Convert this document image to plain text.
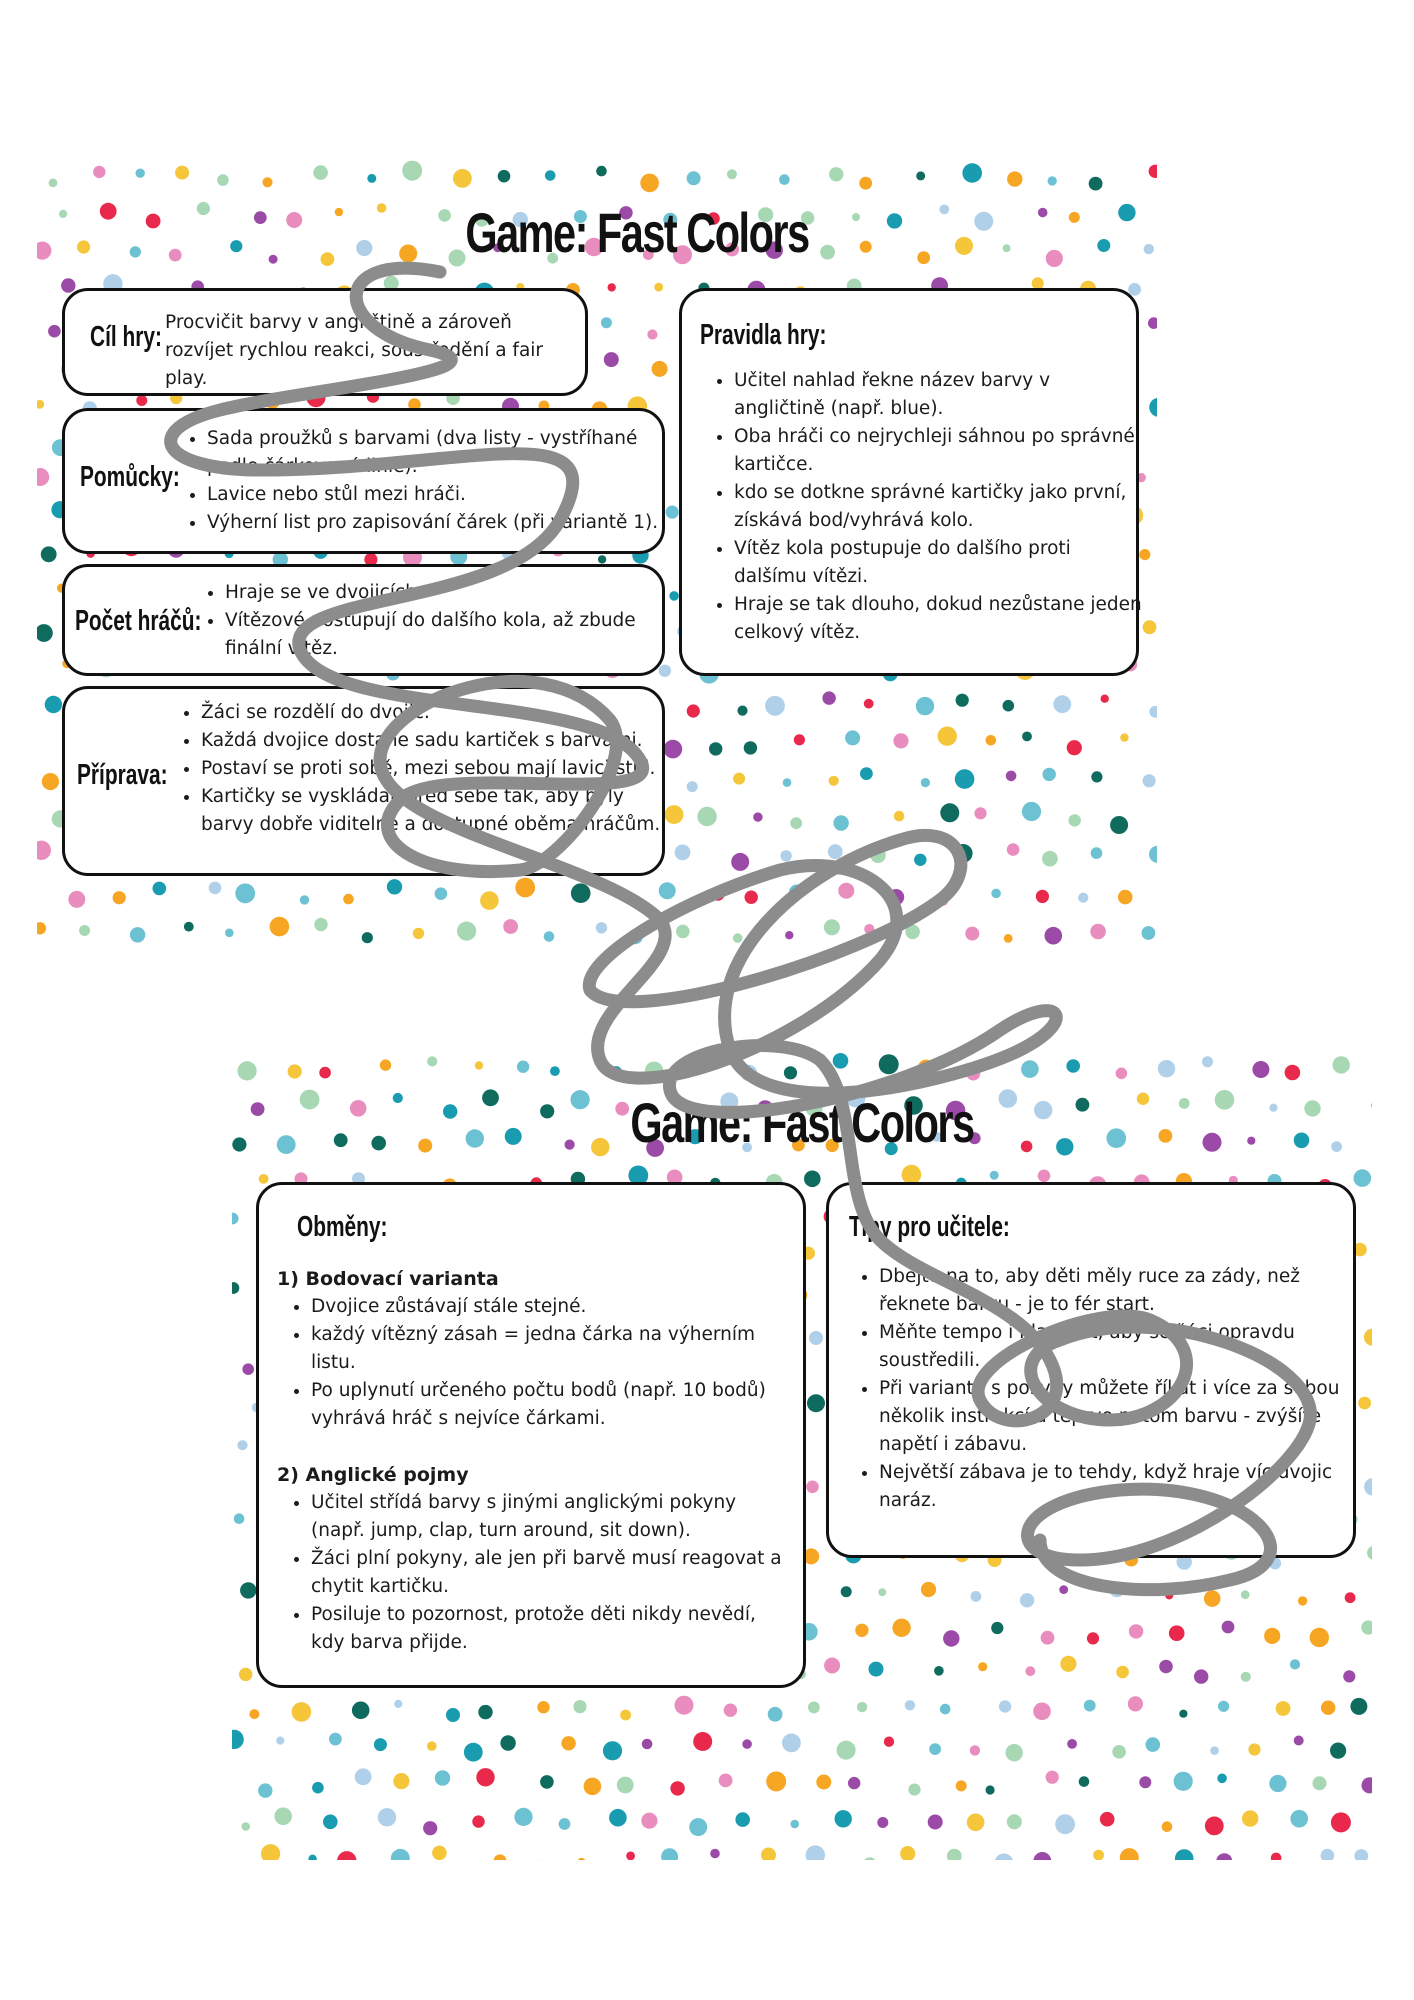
Game: Fast Colors
Cíl hry: Procvičit barvy v angličtině a zároveň rozvíjet rychlou reakci, soustředění a fair play.
Pomůcky:
• Sada proužků s barvami (dva listy - vystříhané podle čárkované linie).
• Lavice nebo stůl mezi hráči.
• Výherní list pro zapisování čárek (při variantě 1).
Počet hráčů:
• Hraje se ve dvojicích.
• Vítězové postupují do dalšího kola, až zbude finální vítěz.
Příprava:
• Žáci se rozdělí do dvojic.
• Každá dvojice dostane sadu kartiček s barvami.
• Postaví se proti sobě, mezi sebou mají lavici/stůl.
• Kartičky se vyskládají před sebe tak, aby byly barvy dobře viditelné a dostupné oběma hráčům.
Pravidla hry:
• Učitel nahlad řekne název barvy v angličtině (např. blue).
• Oba hráči co nejrychleji sáhnou po správné kartičce.
• kdo se dotkne správné kartičky jako první, získává bod/vyhrává kolo.
• Vítěz kola postupuje do dalšího proti dalšímu vítězi.
• Hraje se tak dlouho, dokud nezůstane jeden celkový vítěz.
Game: Fast Colors
Obměny:
1) Bodovací varianta
• Dvojice zůstávají stále stejné.
• každý vítězný zásah = jedna čárka na výherním listu.
• Po uplynutí určeného počtu bodů (např. 10 bodů) vyhrává hráč s nejvíce čárkami.
2) Anglické pojmy
• Učitel střídá barvy s jinými anglickými pokyny (např. jump, clap, turn around, sit down).
• Žáci plní pokyny, ale jen při barvě musí reagovat a chytit kartičku.
• Posiluje to pozornost, protože děti nikdy nevědí, kdy barva přijde.
Tipy pro učitele:
• Dbejte na to, aby děti měly ruce za zády, než řeknete barvu - je to fér start.
• Měňte tempo i hlasitost, aby se žáci opravdu soustředili.
• Při variantě s pokyny můžete říkat i více za sebou několik instrukcí a teprve potom barvu - zvýšíte napětí i zábavu.
• Největší zábava je to tehdy, když hraje víc dvojic naráz.
